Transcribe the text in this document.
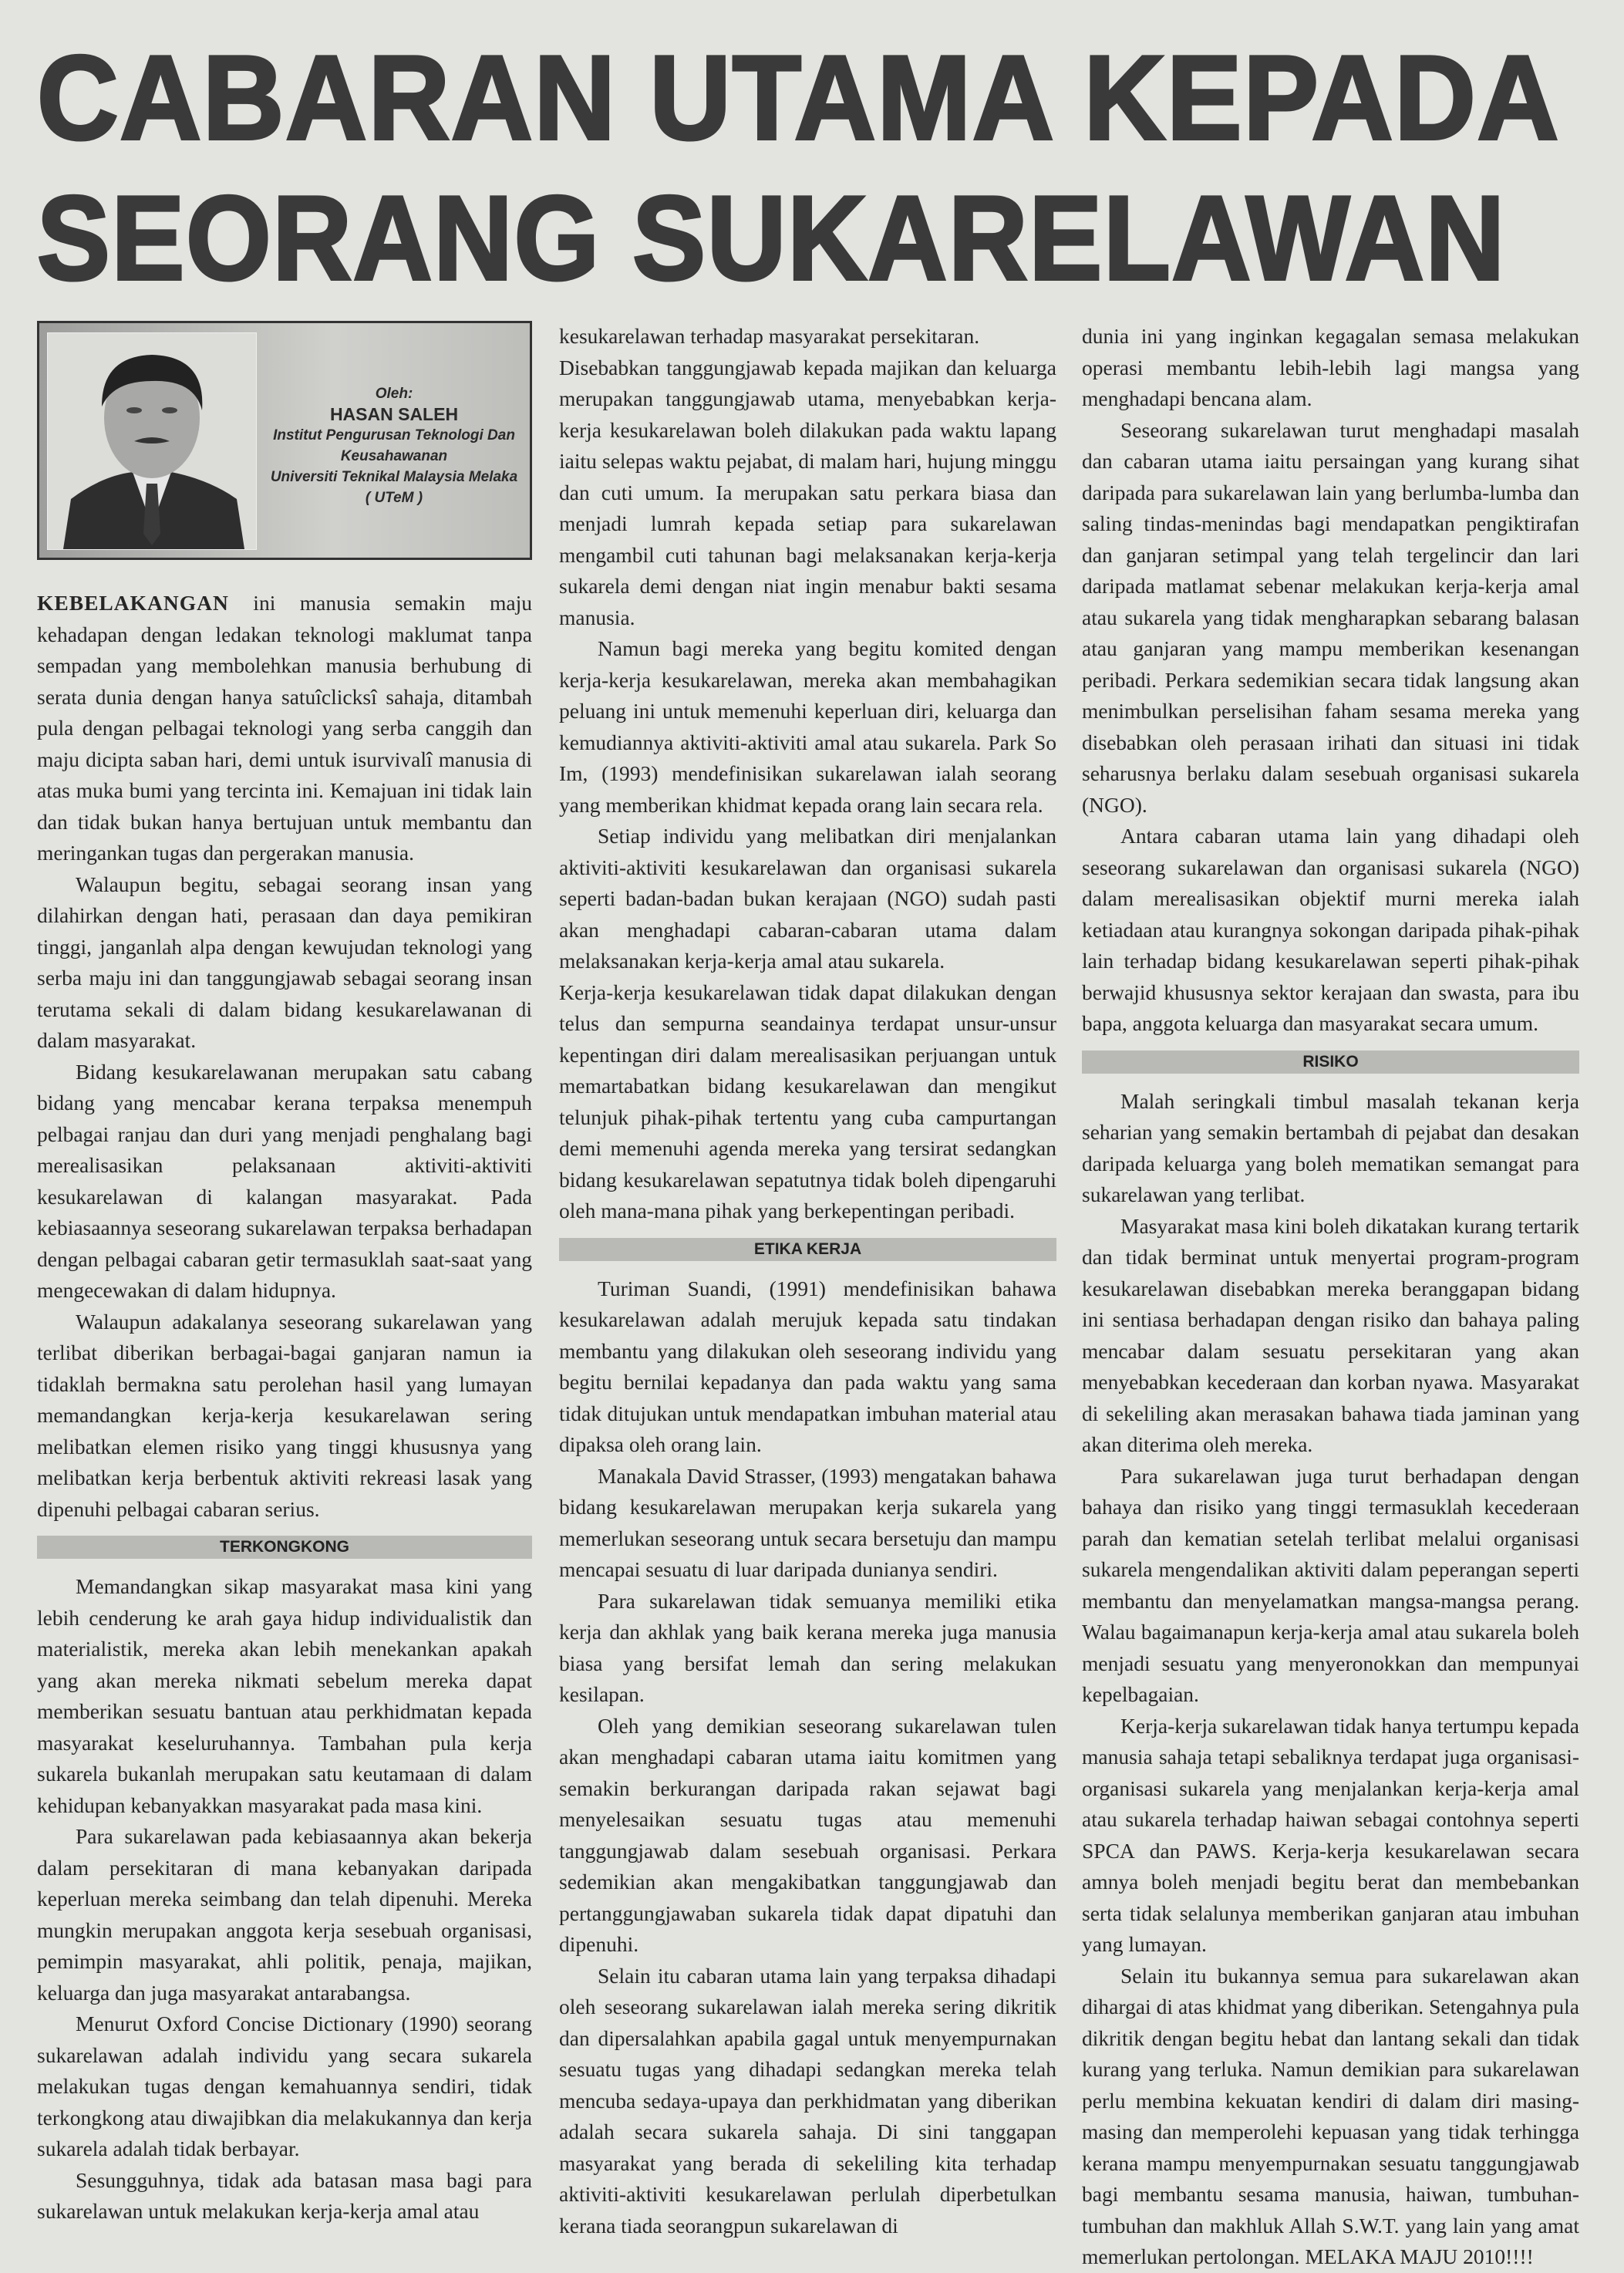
CABARAN UTAMA KEPADA
SEORANG SUKARELAWAN
Oleh:
HASAN SALEH
Institut Pengurusan Teknologi Dan
Keusahawanan
Universiti Teknikal Malaysia Melaka
( UTeM )

KEBELAKANGAN ini manusia semakin maju kehadapan dengan ledakan teknologi maklumat tanpa sempadan yang membolehkan manusia berhubung di serata dunia dengan hanya satuîclicksî sahaja, ditambah pula dengan pelbagai teknologi yang serba canggih dan maju dicipta saban hari, demi untuk isurvivalî manusia di atas muka bumi yang tercinta ini. Kemajuan ini tidak lain dan tidak bukan hanya bertujuan untuk membantu dan meringankan tugas dan pergerakan manusia.

Walaupun begitu, sebagai seorang insan yang dilahirkan dengan hati, perasaan dan daya pemikiran tinggi, janganlah alpa dengan kewujudan teknologi yang serba maju ini dan tanggungjawab sebagai seorang insan terutama sekali di dalam bidang kesukarelawanan di dalam masyarakat.

Bidang kesukarelawanan merupakan satu cabang bidang yang mencabar kerana terpaksa menempuh pelbagai ranjau dan duri yang menjadi penghalang bagi merealisasikan pelaksanaan aktiviti-aktiviti kesukarelawan di kalangan masyarakat. Pada kebiasaannya seseorang sukarelawan terpaksa berhadapan dengan pelbagai cabaran getir termasuklah saat-saat yang mengecewakan di dalam hidupnya.

Walaupun adakalanya seseorang sukarelawan yang terlibat diberikan berbagai-bagai ganjaran namun ia tidaklah bermakna satu perolehan hasil yang lumayan memandangkan kerja-kerja kesukarelawan sering melibatkan elemen risiko yang tinggi khususnya yang melibatkan kerja berbentuk aktiviti rekreasi lasak yang dipenuhi pelbagai cabaran serius.

TERKONGKONG

Memandangkan sikap masyarakat masa kini yang lebih cenderung ke arah gaya hidup individualistik dan materialistik, mereka akan lebih menekankan apakah yang akan mereka nikmati sebelum mereka dapat memberikan sesuatu bantuan atau perkhidmatan kepada masyarakat keseluruhannya. Tambahan pula kerja sukarela bukanlah merupakan satu keutamaan di dalam kehidupan kebanyakkan masyarakat pada masa kini.

Para sukarelawan pada kebiasaannya akan bekerja dalam persekitaran di mana kebanyakan daripada keperluan mereka seimbang dan telah dipenuhi. Mereka mungkin merupakan anggota kerja sesebuah organisasi, pemimpin masyarakat, ahli politik, penaja, majikan, keluarga dan juga masyarakat antarabangsa.

Menurut Oxford Concise Dictionary (1990) seorang sukarelawan adalah individu yang secara sukarela melakukan tugas dengan kemahuannya sendiri, tidak terkongkong atau diwajibkan dia melakukannya dan kerja sukarela adalah tidak berbayar.

Sesungguhnya, tidak ada batasan masa bagi para sukarelawan untuk melakukan kerja-kerja amal atau

kesukarelawan terhadap masyarakat persekitaran.

Disebabkan tanggungjawab kepada majikan dan keluarga merupakan tanggungjawab utama, menyebabkan kerja-kerja kesukarelawan boleh dilakukan pada waktu lapang iaitu selepas waktu pejabat, di malam hari, hujung minggu dan cuti umum. Ia merupakan satu perkara biasa dan menjadi lumrah kepada setiap para sukarelawan mengambil cuti tahunan bagi melaksanakan kerja-kerja sukarela demi dengan niat ingin menabur bakti sesama manusia.

Namun bagi mereka yang begitu komited dengan kerja-kerja kesukarelawan, mereka akan membahagikan peluang ini untuk memenuhi keperluan diri, keluarga dan kemudiannya aktiviti-aktiviti amal atau sukarela. Park So Im, (1993) mendefinisikan sukarelawan ialah seorang yang memberikan khidmat kepada orang lain secara rela.

Setiap individu yang melibatkan diri menjalankan aktiviti-aktiviti kesukarelawan dan organisasi sukarela seperti badan-badan bukan kerajaan (NGO) sudah pasti akan menghadapi cabaran-cabaran utama dalam melaksanakan kerja-kerja amal atau sukarela.

Kerja-kerja kesukarelawan tidak dapat dilakukan dengan telus dan sempurna seandainya terdapat unsur-unsur kepentingan diri dalam merealisasikan perjuangan untuk memartabatkan bidang kesukarelawan dan mengikut telunjuk pihak-pihak tertentu yang cuba campurtangan demi memenuhi agenda mereka yang tersirat sedangkan bidang kesukarelawan sepatutnya tidak boleh dipengaruhi oleh mana-mana pihak yang berkepentingan peribadi.

ETIKA KERJA

Turiman Suandi, (1991) mendefinisikan bahawa kesukarelawan adalah merujuk kepada satu tindakan membantu yang dilakukan oleh seseorang individu yang begitu bernilai kepadanya dan pada waktu yang sama tidak ditujukan untuk mendapatkan imbuhan material atau dipaksa oleh orang lain.

Manakala David Strasser, (1993) mengatakan bahawa bidang kesukarelawan merupakan kerja sukarela yang memerlukan seseorang untuk secara bersetuju dan mampu mencapai sesuatu di luar daripada dunianya sendiri.

Para sukarelawan tidak semuanya memiliki etika kerja dan akhlak yang baik kerana mereka juga manusia biasa yang bersifat lemah dan sering melakukan kesilapan.

Oleh yang demikian seseorang sukarelawan tulen akan menghadapi cabaran utama iaitu komitmen yang semakin berkurangan daripada rakan sejawat bagi menyelesaikan sesuatu tugas atau memenuhi tanggungjawab dalam sesebuah organisasi. Perkara sedemikian akan mengakibatkan tanggungjawab dan pertanggungjawaban sukarela tidak dapat dipatuhi dan dipenuhi.

Selain itu cabaran utama lain yang terpaksa dihadapi oleh seseorang sukarelawan ialah mereka sering dikritik dan dipersalahkan apabila gagal untuk menyempurnakan sesuatu tugas yang dihadapi sedangkan mereka telah mencuba sedaya-upaya dan perkhidmatan yang diberikan adalah secara sukarela sahaja. Di sini tanggapan masyarakat yang berada di sekeliling kita terhadap aktiviti-aktiviti kesukarelawan perlulah diperbetulkan kerana tiada seorangpun sukarelawan di

dunia ini yang inginkan kegagalan semasa melakukan operasi membantu lebih-lebih lagi mangsa yang menghadapi bencana alam.

Seseorang sukarelawan turut menghadapi masalah dan cabaran utama iaitu persaingan yang kurang sihat daripada para sukarelawan lain yang berlumba-lumba dan saling tindas-menindas bagi mendapatkan pengiktirafan dan ganjaran setimpal yang telah tergelincir dan lari daripada matlamat sebenar melakukan kerja-kerja amal atau sukarela yang tidak mengharapkan sebarang balasan atau ganjaran yang mampu memberikan kesenangan peribadi. Perkara sedemikian secara tidak langsung akan menimbulkan perselisihan faham sesama mereka yang disebabkan oleh perasaan irihati dan situasi ini tidak seharusnya berlaku dalam sesebuah organisasi sukarela (NGO).

Antara cabaran utama lain yang dihadapi oleh seseorang sukarelawan dan organisasi sukarela (NGO) dalam merealisasikan objektif murni mereka ialah ketiadaan atau kurangnya sokongan daripada pihak-pihak lain terhadap bidang kesukarelawan seperti pihak-pihak berwajid khususnya sektor kerajaan dan swasta, para ibu bapa, anggota keluarga dan masyarakat secara umum.

RISIKO

Malah seringkali timbul masalah tekanan kerja seharian yang semakin bertambah di pejabat dan desakan daripada keluarga yang boleh mematikan semangat para sukarelawan yang terlibat.

Masyarakat masa kini boleh dikatakan kurang tertarik dan tidak berminat untuk menyertai program-program kesukarelawan disebabkan mereka beranggapan bidang ini sentiasa berhadapan dengan risiko dan bahaya paling mencabar dalam sesuatu persekitaran yang akan menyebabkan kecederaan dan korban nyawa. Masyarakat di sekeliling akan merasakan bahawa tiada jaminan yang akan diterima oleh mereka.

Para sukarelawan juga turut berhadapan dengan bahaya dan risiko yang tinggi termasuklah kecederaan parah dan kematian setelah terlibat melalui organisasi sukarela mengendalikan aktiviti dalam peperangan seperti membantu dan menyelamatkan mangsa-mangsa perang. Walau bagaimanapun kerja-kerja amal atau sukarela boleh menjadi sesuatu yang menyeronokkan dan mempunyai kepelbagaian.

Kerja-kerja sukarelawan tidak hanya tertumpu kepada manusia sahaja tetapi sebaliknya terdapat juga organisasi-organisasi sukarela yang menjalankan kerja-kerja amal atau sukarela terhadap haiwan sebagai contohnya seperti SPCA dan PAWS. Kerja-kerja kesukarelawan secara amnya boleh menjadi begitu berat dan membebankan serta tidak selalunya memberikan ganjaran atau imbuhan yang lumayan.

Selain itu bukannya semua para sukarelawan akan dihargai di atas khidmat yang diberikan. Setengahnya pula dikritik dengan begitu hebat dan lantang sekali dan tidak kurang yang terluka. Namun demikian para sukarelawan perlu membina kekuatan kendiri di dalam diri masing-masing dan memperolehi kepuasan yang tidak terhingga kerana mampu menyempurnakan sesuatu tanggungjawab bagi membantu sesama manusia, haiwan, tumbuhan-tumbuhan dan makhluk Allah S.W.T. yang lain yang amat memerlukan pertolongan. MELAKA MAJU 2010!!!!
